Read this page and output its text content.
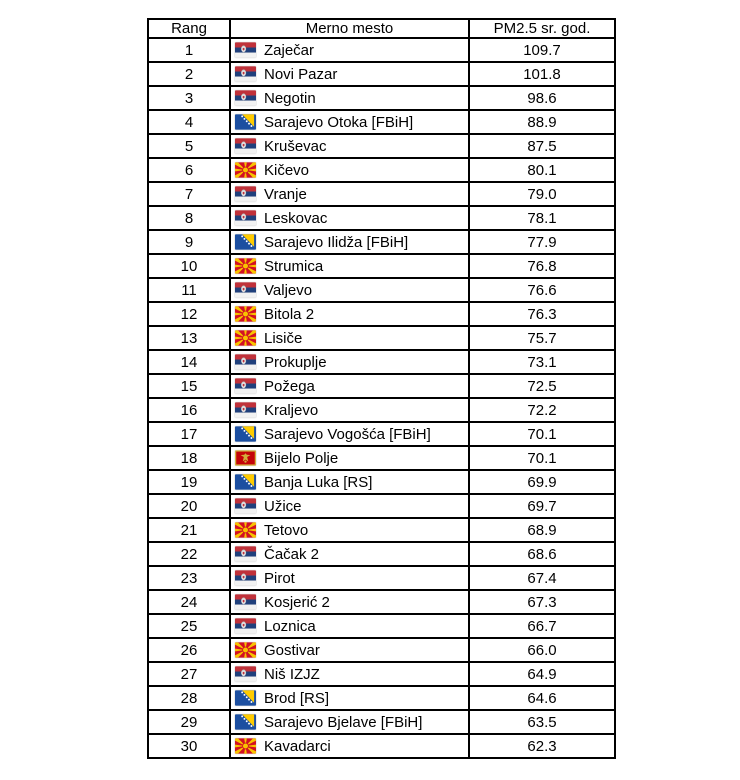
Rang	Merno mesto	PM2.5 sr. god.
1	Zaječar	109.7
2	Novi Pazar	101.8
3	Negotin	98.6
4	Sarajevo Otoka [FBiH]	88.9
5	Kruševac	87.5
6	Kičevo	80.1
7	Vranje	79.0
8	Leskovac	78.1
9	Sarajevo Ilidža [FBiH]	77.9
10	Strumica	76.8
11	Valjevo	76.6
12	Bitola 2	76.3
13	Lisiče	75.7
14	Prokuplje	73.1
15	Požega	72.5
16	Kraljevo	72.2
17	Sarajevo Vogošća [FBiH]	70.1
18	Bijelo Polje	70.1
19	Banja Luka [RS]	69.9
20	Užice	69.7
21	Tetovo	68.9
22	Čačak 2	68.6
23	Pirot	67.4
24	Kosjerić 2	67.3
25	Loznica	66.7
26	Gostivar	66.0
27	Niš IZJZ	64.9
28	Brod [RS]	64.6
29	Sarajevo Bjelave [FBiH]	63.5
30	Kavadarci	62.3
